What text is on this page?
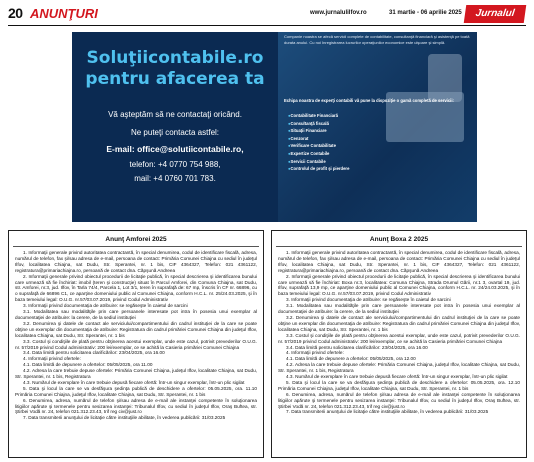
20 ANUNŢURI	www.jurnalulilfov.ro	31 martie - 06 aprilie 2025	Jurnalul
Soluţiicontabile.ro
pentru afacerea ta
Vă aşteptăm să ne contactaţi oricând.
Ne puteţi contacta astfel:
E-mail: office@solutiicontabile.ro,
telefon: +4 0770 754 988,
mail: +4 0760 701 783.
Companie noastra se afecă servicii complete de contabilitate, consultanţă financiară şi asistenţă pe toată durata anului. Cu noi înregistrarea lucrurilor operaţiunilor economice este ulşoare şi simplă.
Echipa noastra de experţi contabili vă pune la dispoziţie o gamă completă de servicii:
● Contabilitate Financiară
● Consultanţă fiscală
● Situaţii Financiare
● Cenzorat
● Verificare Contabilitate
● Expertize Contabile
● Servicii Contabile
● Controlul de profit şi pierdere
Anunţ Amforei 2025

1. Informaţii generale privind autoritatea contractantă, în special denumirea, codul de identificare fiscală, adresa, numărul de telefon, fax şi/sau adresa de e-mail, persoana de contact: Primăria Comunei Chiajna cu sediul în judeţul Ilfov, localitatea Chiajna, sat Dudu, Str. Sperantei, nr. 1 bis, CIF 4364327, Telefon: 021 4361122, registratura@primariachiajna.ro, persoană de contact dna. Căpşună Andreea

2. Informaţii generale privind obiectul procedurii de licitaţie publică, în special descrierea şi identificarea bunului care urmează să fie închiriat: imobil (teren şi construcţie) situat în Parcul Amforei, din Comuna Chiajna, sat Dudu, str. Amforei, nr.3, jud. Ilfov, în Tarla 74/4, Parcela 1, Lot 3/1, teren în suprafaţă de: 67 mp, înscris în CF nr. 66896, cu o suprafaţă de 66896 C1, ce aparţine domeniului public al Comunei Chiajna, conform H.C.L. nr. 25/24.03.2025, şi în baza temeiului legal: O.U.G. nr.57/03.07.2019, privind Codul Administrativ

3. Informaţii privind documentaţia de atribuire: se regăseşte în caietul de sarcini

3.1. Modalitatea sau modalităţile prin care persoanele interesate pot intra în posesia unui exemplar al documentaţiei de atribuire: la cerere, de la sediul instituţiei

3.2. Denumirea şi datele de contact ale serviciului/compartimentului din cadrul instituţiei de la care se poate obţine un exemplar din documentaţia de atribuire: Registratura din cadrul primăriei Comunei Chiajna din judeţul Ilfov, localitatea Chiajna, sat Dudu, Str. Sperantei, nr. 1 bis

3.3. Costul şi condiţiile de plată pentru obţinerea acestui exemplar, unde este cazul, potrivit prevederilor O.U.G. nr. 57/2019 privind Codul administrativ: 200 lei/exemplar, ce se achită la Casieria primăriei Comunei Chiajna

3.4. Data limită pentru solicitarea clarificărilor: 23/04/2025, ora 16.00

4. Informaţii privind ofertele:

4.1. Data limită de depunere a ofertelor: 05/05/2025, ora 11.00

4.2. Adresa la care trebuie depuse ofertele: Primăria Comunei Chiajna, judeţul Ilfov, localitate Chiajna, sat Dudu, Str. Sperantei, nr. 1 bis, Registratura

4.3. Numărul de exemplare în care trebuie depusă fiecare ofertă: Într-un singur exemplar, într-un plic sigilat

5. Data şi locul la care se va desfăşura şedinţa publică de deschidere a ofertelor: 05.05.2025, ora. 11.10 Primăria Comunei Chiajna, judeţul Ilfov, localitate Chiajna, sat Dudu, Str. Sperantei, nr. 1 bis

6. Denumirea, adresa, numărul de telefon şi/sau adresa de e-mail ale instanţei competente în soluţionarea litigiilor apărute şi termenele pentru sesizarea instanţei: Tribunalul Ilfov, cu sediul în judeţul Ilfov, Oraş Buftea, str. Ştirbei Vodă nr. 24, telefon 021.312.23.43, trif reg civ@just.ro

7. Data transmiterii anunţului de licitaţie către instituţiile abilitate, în vederea publicării: 31/03.2025

Anunţ Boxa 2 2025

1. Informaţii generale privind autoritatea contractantă, în special denumirea, codul de identificare fiscală, adresa, numărul de telefon, fax şi/sau adresa de e-mail, persoana de contact: Primăria Comunei Chiajna cu sediul în judeţul Ilfov, localitatea Chiajna, sat Dudu, Str. Sperantei, nr. 1 bis, CIF 4364327, Telefon: 021 4361122, registratura@primariachiajna.ro, persoană de contact dna. Căpşună Andreea

2. Informaţii generale privind obiectul procedurii de licitaţie publică, în special descrierea şi identificarea bunului care urmează să fie închiriat: Boxa nr.3, localitatea: Comuna Chiajna, Strada Drumul Gării, nr.1 3, ovartal 19, jud. Ilfov, suprafaţă 13,9 mp, ce aparţine domeniului public al Comunei Chiajna, conform H.C.L. nr. 24/24.03.2025, şi în baza temeiului legal: O.U.G. nr.57/03.07.2019, privind Codul Administrativ

3. Informaţii privind documentaţia de atribuire: se regăseşte în caietul de sarcini

3.1. Modalitatea sau modalităţile prin care persoanele interesate pot intra în posesia unui exemplar al documentaţiei de atribuire: la cerere, de la sediul instituţiei

3.2. Denumirea şi datele de contact ale serviciului/compartimentului din cadrul instituţiei de la care se poate obţine un exemplar din documentaţia de atribuire: Registratura din cadrul primăriei Comunei Chiajna din judeţul Ilfov, localitatea Chiajna, sat Dudu, Str. Sperantei, nr. 1 bis

3.3. Costul şi condiţiile de plată pentru obţinerea acestui exemplar, unde este cazul, potrivit prevederilor O.U.G. nr. 57/2019 privind Codul administrativ: 200 lei/exemplar, ce se achită la Casieria primăriei Comunei Chiajna

3.4. Data limită pentru solicitarea clarificărilor: 23/04/2025, ora 16.00

4. Informaţii privind ofertele:

4.1. Data limită de depunere a ofertelor: 05/05/2025, ora 12.00

4.2. Adresa la care trebuie depuse ofertele: Primăria Comunei Chiajna, judeţul Ilfov, localitate Chiajna, sat Dudu, Str. Sperantei, nr. 1 bis, Registratura

4.3. Numărul de exemplare în care trebuie depusă fiecare ofertă: Într-un singur exemplar, într-un plic sigilat

5. Data şi locul la care se va desfăşura şedinţa publică de deschidere a ofertelor: 05.05.2025, ora. 12.10 Primăria Comunei Chiajna, judeţul Ilfov, localitate Chiajna, sat Dudu, Str. Sperantei, nr. 1 bis

6. Denumirea, adresa, numărul de telefon şi/sau adresa de e-mail ale instanţei competente în soluţionarea litigiilor apărute şi termenele pentru sesizarea instanţei: Tribunalul Ilfov, cu sediul în judeţul Ilfov, Oraş Buftea, str. Ştirbei Vodă nr. 24, telefon 021.312.23.43, trif reg civ@just.ro

7. Data transmiterii anunţului de licitaţie către instituţiile abilitate, în vederea publicării: 31/03.2025
